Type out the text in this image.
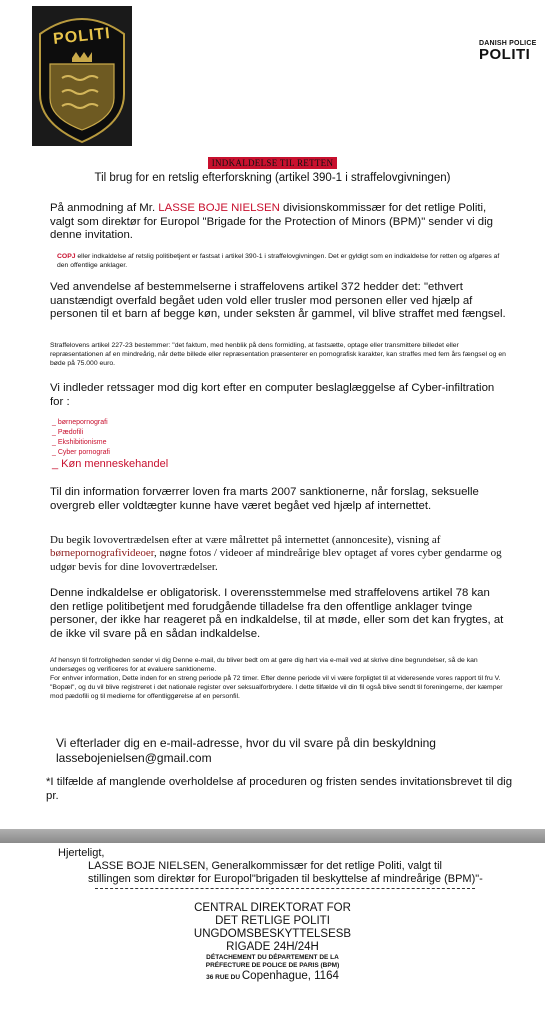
POLITI	DANISH POLICE
POLITI
INDKALDELSE TIL RETTEN
Til brug for en retslig efterforskning (artikel 390-1 i straffelovgivningen)
På anmodning af Mr. LASSE BOJE NIELSEN divisionskommissær for det retlige Politi, valgt som direktør for Europol "Brigade for the Protection of Minors (BPM)" sender vi dig denne invitation.
COPJ eller indkaldelse af retslig politibetjent er fastsat i artikel 390-1 i straffelovgivningen. Det er gyldigt som en indkaldelse for retten og afgøres af den offentlige anklager.
Ved anvendelse af bestemmelserne i straffelovens artikel 372 hedder det: "ethvert uanstændigt overfald begået uden vold eller trusler mod personen eller ved hjælp af personen til et barn af begge køn, under seksten år gammel, vil blive straffet med fængsel.
Straffelovens artikel 227-23 bestemmer: "det faktum, med henblik på dens formidling, at fastsætte, optage eller transmittere billedet eller repræsentationen af en mindreårig, når dette billede eller repræsentation præsenterer en pornografisk karakter, kan straffes med fem års fængsel og en bøde på 75.000 euro.
Vi indleder retssager mod dig kort efter en computer beslaglæggelse af Cyber-infiltration for :
_ børnepornografi
_ Pædofili
_ Ekshibitionisme
_ Cyber pornografi
_ Køn menneskehandel
Til din information forværrer loven fra marts 2007 sanktionerne, når forslag, seksuelle overgreb eller voldtægter kunne have været begået ved hjælp af internettet.
Du begik lovovertrædelsen efter at være målrettet på internettet (annoncesite), visning af børnepornografivideoer, nøgne fotos / videoer af mindreårige blev optaget af vores cyber gendarme og udgør bevis for dine lovovertrædelser.
Denne indkaldelse er obligatorisk. I overensstemmelse med straffelovens artikel 78 kan den retlige politibetjent med forudgående tilladelse fra den offentlige anklager tvinge personer, der ikke har reageret på en indkaldelse, til at møde, eller som det kan frygtes, at de ikke vil svare på en sådan indkaldelse.
Af hensyn til fortroligheden sender vi dig Denne e-mail, du bliver bedt om at gøre dig hørt via e-mail ved at skrive dine begrundelser, så de kan undersøges og verificeres for at evaluere sanktionerne.
For enhver information, Dette inden for en streng periode på 72 timer. Efter denne periode vil vi være forpligtet til at videresende vores rapport til fru V.
"Bopæl", og du vil blive registreret i det nationale register over seksualforbrydere. I dette tilfælde vil din fil også blive sendt til foreningerne, der kæmper mod pædofili og til medierne for offentliggørelse af en personfil.
Vi efterlader dig en e-mail-adresse, hvor du vil svare på din beskyldning
lassebojenielsen@gmail.com
*I tilfælde af manglende overholdelse af proceduren og fristen sendes invitationsbrevet til dig pr.
Hjerteligt,
LASSE BOJE NIELSEN, Generalkommissær for det retlige Politi, valgt til
stillingen som direktør for Europol"brigaden til beskyttelse af mindreårige (BPM)"-
CENTRAL DIREKTORAT FOR
DET RETLIGE POLITI
UNGDOMSBESKYTTELSESB
RIGADE 24H/24H
DÉTACHEMENT DU DÉPARTEMENT DE LA
PRÉFECTURE DE POLICE DE PARIS (BPM)
36 RUE DU Copenhague, 1164
